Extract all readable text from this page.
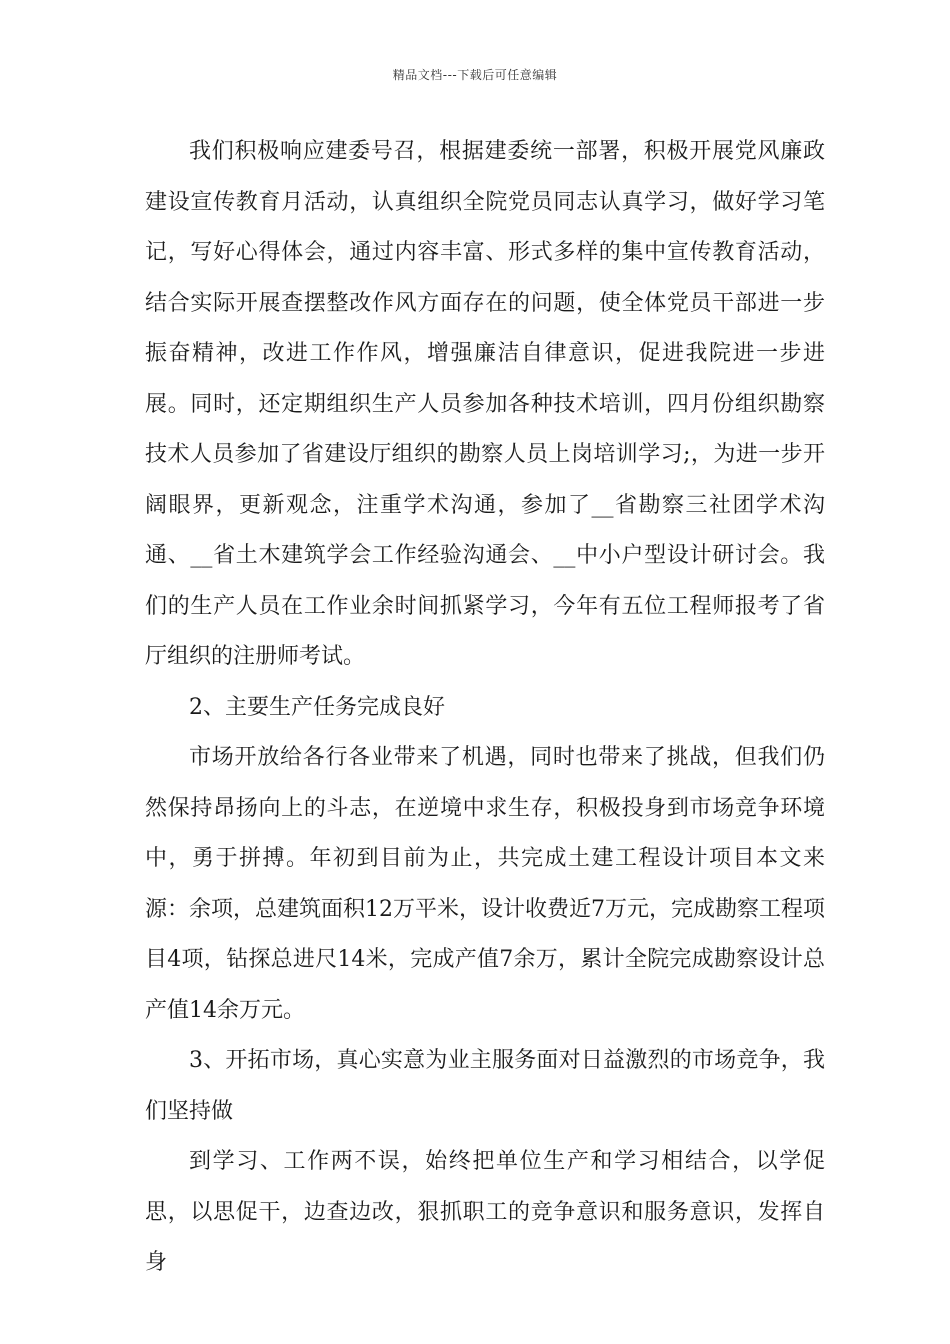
精品文档---下载后可任意编辑

我们积极响应建委号召，根据建委统一部署，积极开展党风廉政建设宣传教育月活动，认真组织全院党员同志认真学习，做好学习笔记，写好心得体会，通过内容丰富、形式多样的集中宣传教育活动，结合实际开展查摆整改作风方面存在的问题，使全体党员干部进一步振奋精神，改进工作作风，增强廉洁自律意识，促进我院进一步进展。同时，还定期组织生产人员参加各种技术培训，四月份组织勘察技术人员参加了省建设厅组织的勘察人员上岗培训学习;，为进一步开阔眼界，更新观念，注重学术沟通，参加了__省勘察三社团学术沟通、__省土木建筑学会工作经验沟通会、__中小户型设计研讨会。我们的生产人员在工作业余时间抓紧学习，今年有五位工程师报考了省厅组织的注册师考试。

2、主要生产任务完成良好

市场开放给各行各业带来了机遇，同时也带来了挑战，但我们仍然保持昂扬向上的斗志，在逆境中求生存，积极投身到市场竞争环境中，勇于拼搏。年初到目前为止，共完成土建工程设计项目本文来源：余项，总建筑面积12万平米，设计收费近7万元，完成勘察工程项目4项，钻探总进尺14米，完成产值7余万，累计全院完成勘察设计总产值14余万元。

3、开拓市场，真心实意为业主服务面对日益激烈的市场竞争，我们坚持做

到学习、工作两不误，始终把单位生产和学习相结合，以学促思，以思促干，边查边改，狠抓职工的竞争意识和服务意识，发挥自身
